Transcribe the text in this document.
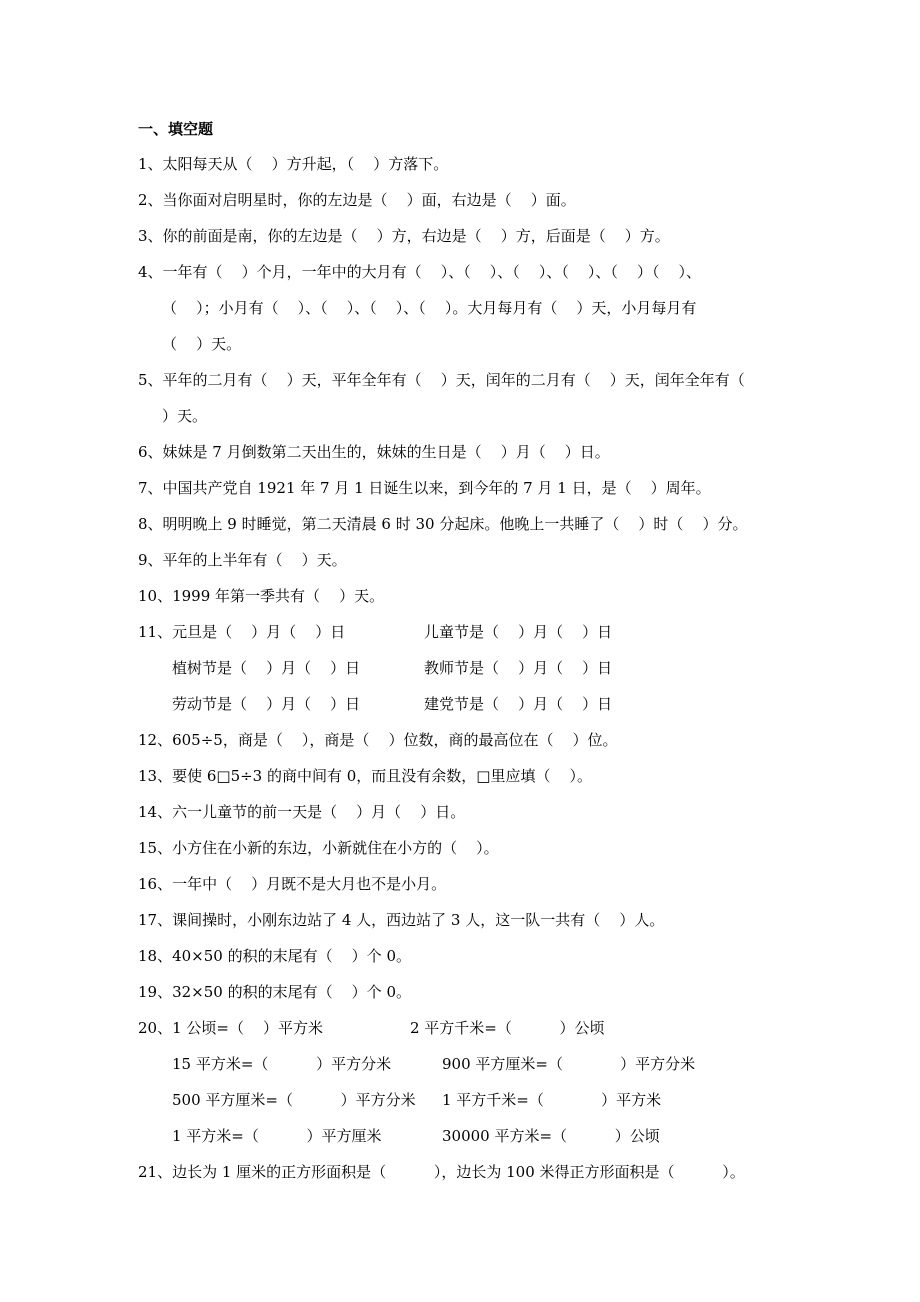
一、填空题
1、太阳每天从（    ）方升起，（    ）方落下。
2、当你面对启明星时，你的左边是（    ）面，右边是（    ）面。
3、你的前面是南，你的左边是（    ）方，右边是（    ）方，后面是（    ）方。
4、一年有（    ）个月，一年中的大月有（    ）、（    ）、（    ）、（    ）、（    ）（    ）、
（    ）；小月有（    ）、（    ）、（    ）、（    ）。大月每月有（    ）天，小月每月有
（    ）天。
5、平年的二月有（    ）天，平年全年有（    ）天，闰年的二月有（    ）天，闰年全年有（
）天。
6、妹妹是 7 月倒数第二天出生的，妹妹的生日是（    ）月（    ）日。
7、中国共产党自 1921 年 7 月 1 日诞生以来，到今年的 7 月 1 日，是（    ）周年。
8、明明晚上 9 时睡觉，第二天清晨 6 时 30 分起床。他晚上一共睡了（    ）时（    ）分。
9、平年的上半年有（    ）天。
10、1999 年第一季共有（    ）天。
11、元旦是（    ）月（    ）日	儿童节是（    ）月（    ）日
植树节是（    ）月（    ）日	教师节是（    ）月（    ）日
劳动节是（    ）月（    ）日	建党节是（    ）月（    ）日
12、605÷5，商是（    ），商是（    ）位数，商的最高位在（    ）位。
13、要使 6□5÷3 的商中间有 0，而且没有余数，□里应填（    ）。
14、六一儿童节的前一天是（    ）月（    ）日。
15、小方住在小新的东边，小新就住在小方的（    ）。
16、一年中（    ）月既不是大月也不是小月。
17、课间操时，小刚东边站了 4 人，西边站了 3 人，这一队一共有（    ）人。
18、40×50 的积的末尾有（    ）个 0。
19、32×50 的积的末尾有（    ）个 0。
20、1 公顷=（    ）平方米	2 平方千米=（          ）公顷
15 平方米=（          ）平方分米	900 平方厘米=（            ）平方分米
500 平方厘米=（          ）平方分米 1 平方千米=（            ）平方米
1 平方米=（          ）平方厘米	30000 平方米=（          ）公顷
21、边长为 1 厘米的正方形面积是（          ），边长为 100 米得正方形面积是（          ）。
